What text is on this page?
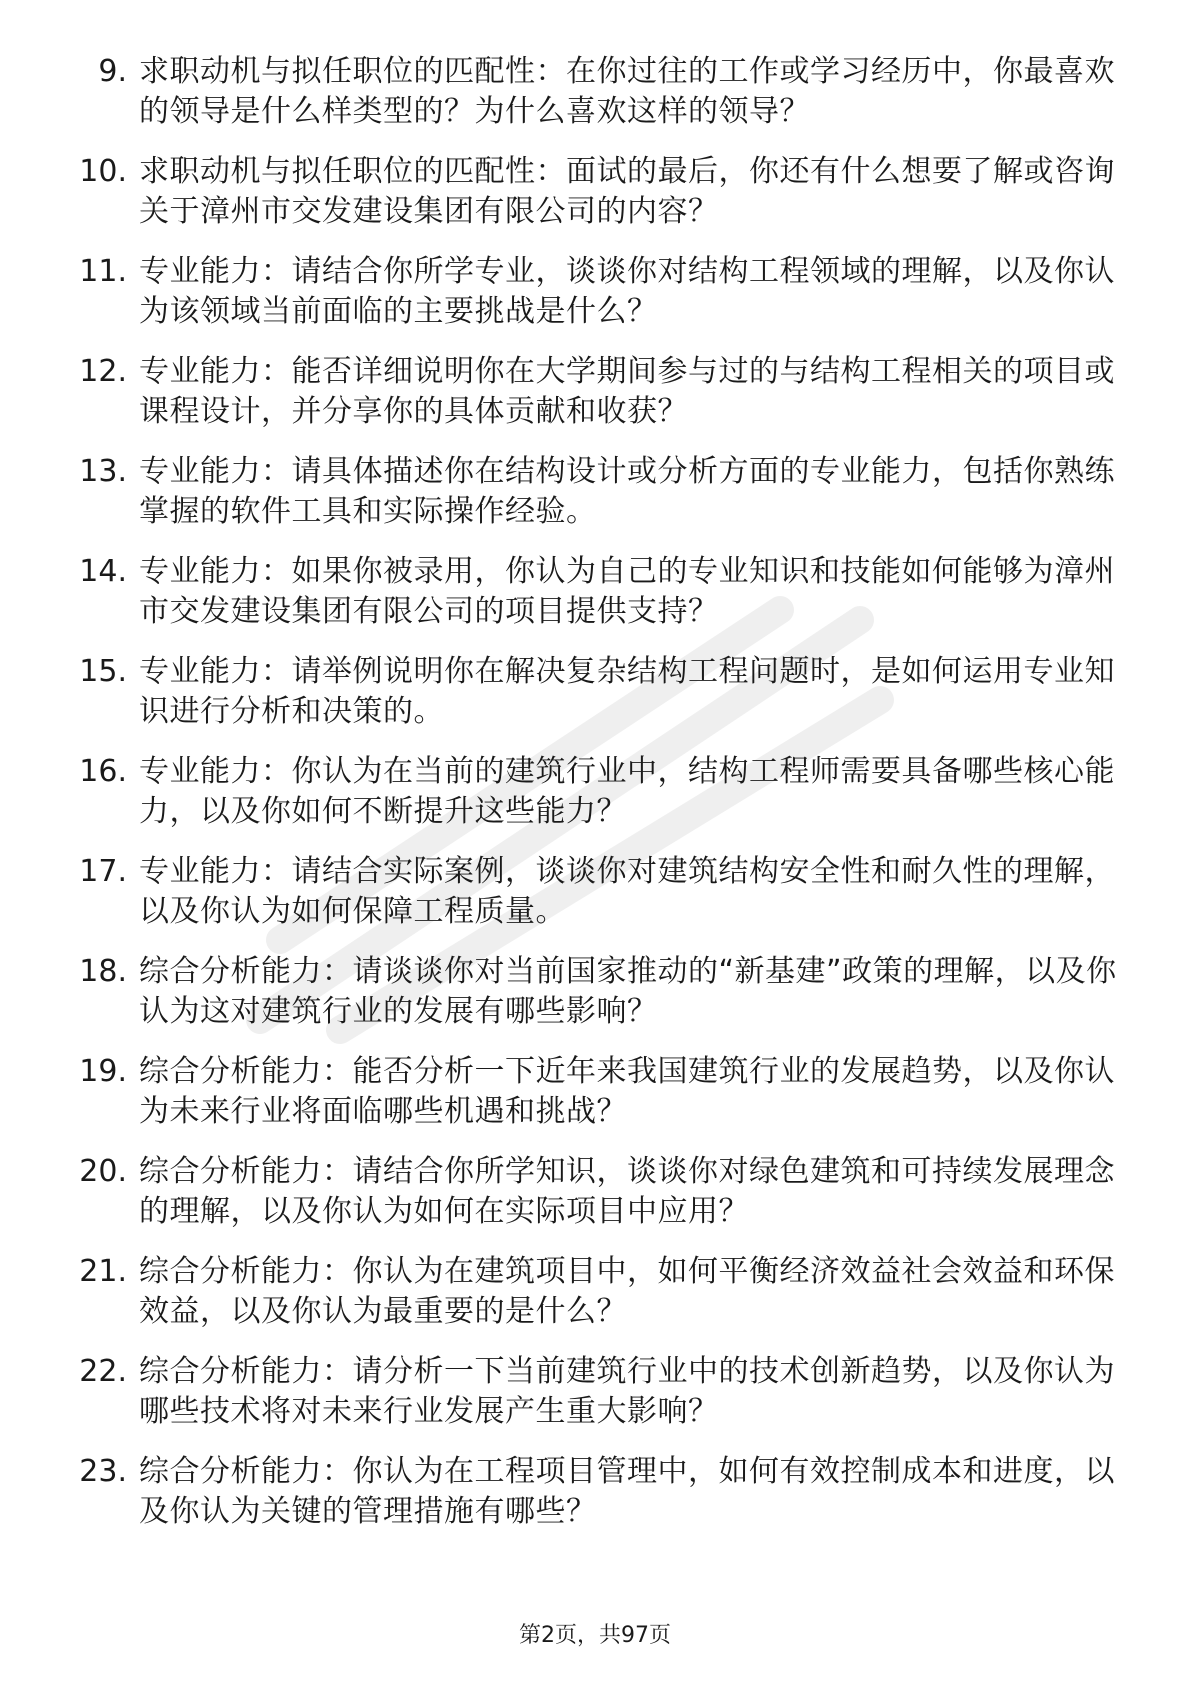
9. 求职动机与拟任职位的匹配性：在你过往的工作或学习经历中，你最喜欢的领导是什么样类型的？为什么喜欢这样的领导？
10. 求职动机与拟任职位的匹配性：面试的最后，你还有什么想要了解或咨询关于漳州市交发建设集团有限公司的内容？
11. 专业能力：请结合你所学专业，谈谈你对结构工程领域的理解，以及你认为该领域当前面临的主要挑战是什么？
12. 专业能力：能否详细说明你在大学期间参与过的与结构工程相关的项目或课程设计，并分享你的具体贡献和收获？
13. 专业能力：请具体描述你在结构设计或分析方面的专业能力，包括你熟练掌握的软件工具和实际操作经验。
14. 专业能力：如果你被录用，你认为自己的专业知识和技能如何能够为漳州市交发建设集团有限公司的项目提供支持？
15. 专业能力：请举例说明你在解决复杂结构工程问题时，是如何运用专业知识进行分析和决策的。
16. 专业能力：你认为在当前的建筑行业中，结构工程师需要具备哪些核心能力，以及你如何不断提升这些能力？
17. 专业能力：请结合实际案例，谈谈你对建筑结构安全性和耐久性的理解，以及你认为如何保障工程质量。
18. 综合分析能力：请谈谈你对当前国家推动的“新基建”政策的理解，以及你认为这对建筑行业的发展有哪些影响？
19. 综合分析能力：能否分析一下近年来我国建筑行业的发展趋势，以及你认为未来行业将面临哪些机遇和挑战？
20. 综合分析能力：请结合你所学知识，谈谈你对绿色建筑和可持续发展理念的理解，以及你认为如何在实际项目中应用？
21. 综合分析能力：你认为在建筑项目中，如何平衡经济效益社会效益和环保效益，以及你认为最重要的是什么？
22. 综合分析能力：请分析一下当前建筑行业中的技术创新趋势，以及你认为哪些技术将对未来行业发展产生重大影响？
23. 综合分析能力：你认为在工程项目管理中，如何有效控制成本和进度，以及你认为关键的管理措施有哪些？
第2页，共97页
